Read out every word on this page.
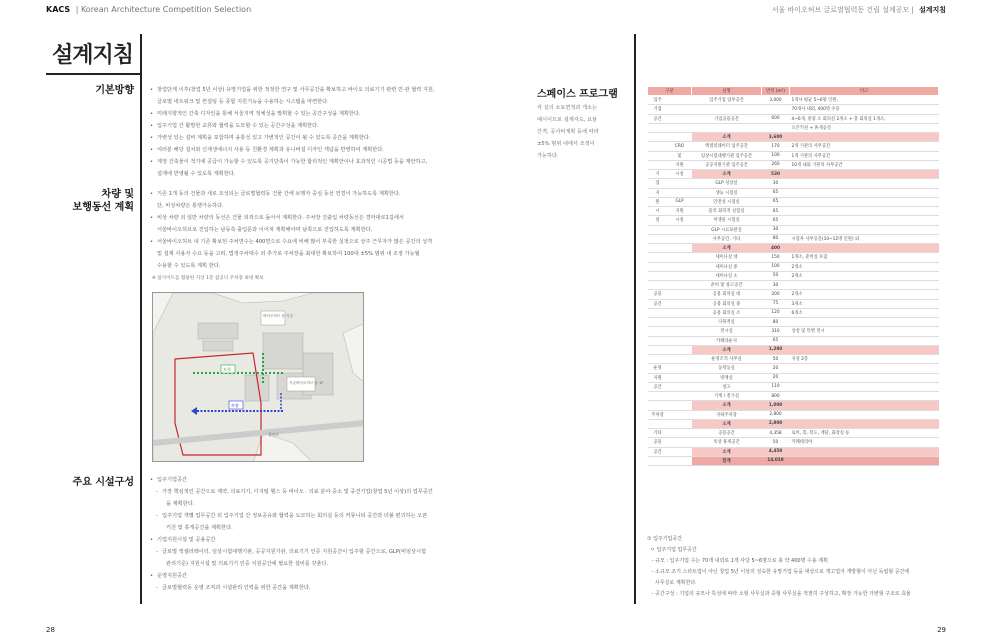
KACS | Korean Architecture Competition Selection	서울 바이오허브 글로벌협력동 건립 설계공모 | 설계지침
설계지침
기본방향	• 창업단계 이후(창업 5년 이상) 유망기업을 위한 적정한 연구 및 사무공간을 확보하고 바이오 의료기기 관련 민·관 협력 지원,
글로벌 네트워크 및 컨설팅 등 종합 지원기능을 수용하는 시스템을 마련한다.
• 미래지향적인 간축 디자인을 통해 서울지역 정체성을 발휘할 수 있는 공간구성을 계획한다.
• 입주기업 간 활발한 교류와 협력을 도모할 수 있는 공간구성을 계획한다.
• 가변성 있는 설비 계획을 포함하며 융통성 있고 가변적인 공간이 될 수 있도록 공간을 계획한다.
• 여러분 해당 설치와 신재생에너지 사용 등 친환경 계획과 유니버설 디자인 개념을 반영하여 계획한다.
• 계정 건축물이 적기에 공급이 가능할 수 있도록 공기단축이 가능한 합리적인 계획안이나 효과적인 시공법 등을 제안하고,
설계에 반영될 수 있도록 계획한다.
차량 및
보행동선 계획
• 기존 1개 동의 건물과 새로 조성되는 글로벌협력동 건물 간에 보행자 중심 동선 연결이 가능하도록 계획한다.
단, 비상차량은 통행가능하다.
• 비상 차량 외 일반 차량의 동선은 건물 외곽으로 돌아서 계획한다. 주차장 진출입 차량동선은 경마대로1길에서
서울바이오허브로 진입하는 남동측 출입문과 이어져 계획해야며 남쪽으로 진입하도록 계획한다.
• 서울바이오허브 내 기존 확보된 주차면수는 400면으로 수요에 비해 많이 부족한 실정으로 상주 근무자가 많은 공간의 성격
및 설계 사용자 수요 등을 고려, 법정주차대수 외 추가로 주차장을 최대한 확보하여 100대 ±5% 범위 내 조정 가능월
수용할 수 있도록 계획 한다.
※ 참사이트를 활용한 지상 1층 참공디 주차장 최대 확보
바이오허브 동 기존
기존바이오허브 동 1F
보행
차량
경마로
주요 시설구성	• 입주기업공간
- 가장 핵심적인 공간으로 제약, 의료기기, 디지털 헬스 등 바이오 · 의료 분야 중소 및 중견기업(창업 5년 이상)의 업무공간
을 계획한다.
- 입주기업 개별 업무공간 외 입주기업 간 정보공유와 협력을 도모하는 회의실 등의 커뮤니티 공간과 더불 편의하는 오픈
키친 및 휴게공간을 계획한다.
• 기업지원시설 및 공용공간
- 글로벌 액셀러레이터, 임상시험대행기관, 공공지원기관, 의료기기 인증 지원공간이 입주할 공간으로, GLP(비임상시험
관리기준) 지원시설 및 의료기기 인증 지원공간에 필요한 설비를 갖춘다.
• 운영지원공간
- 글로벌협력동 운영 조직과 시설관리 인력을 위한 공간을 계획한다.
스페이스 프로그램
각 실의 소요면적과 개소는
예시이므로 설계자도, 요율
간격, 공사비계획 등에 따라
±5% 범위 내에서 조정이
가능하다.
구분		실명	면적 (m²)	비고
입주		입주기업 업무공간	3,000	1개사 평균 5~6명 인원,
기업				70개사 내외, 400명 수용
공간		기업공용공간	600	4~6개, 중형 소 회의실 2개소 + 총 회의실 1개소,
				오픈키친 + 휴게공간
		소계	3,600	
	CRO	액셀러레이터 입주공간	170	2개 기관의 사무공간
	및	임상시험대행기관 입주공간	100	1개 기관의 사무공간
	지원	공공지원기관 입주공간	260	10개 내외 기관의 사무공간
기	시설	소계	530	
업		GLP 성장실	30	
지		생능 시험실	65	
원	GLP	안전성 시험실	65	
시	지원	물리 화학적 실험실	65	
설	시설	미생물 시험실	65	
		GLP 시료보관실	30	
		사무공간, 기타	80	시험자 사무공간(10~12명 인원) 외
		소계	400	
		세미나실 대	150	1개소, 준비실 포함
		세미나실 중	100	2개소
		세미나실 소	50	2개소
		준비 및 창고공간	30	
공용		공용 회의실 대	200	2개소
공간		공용 회의실 중	75	3개소
		공용 회의실 소	120	6개소
		다목적실	80	
		전시실	310	상설 및 특별 전시
		카페라운지	65	
		소계	1,280	
		운영조직 사무실	50	지상 2층
운영		동력동실	20	
지원		방재실	20	
공간		창고	110	
		기계 / 전기실	800	
		소계	1,000	
주차장		지하주차장	2,800	
		소계	2,800	
기타		공용공간	4,358	로비, 홀, 복도, 계단, 화장실 등
공용		옥상 휴게공간	50	카페테리아
공간		소계	4,458	
		합계	14,018	
① 입주기업공간
ㅇ 입주기업 업무공간
- 규모 : 입주기업 수는 70개 내외로 1개 사당 5~6명으로 총 약 400명 수용 계획
- 소규모 조기 스타트업이 아닌 창업 5년 이상의 성숙한 유망기업 등을 대상으로 개고업자 개방형이 아닌 독립형 공간에
사무실로 계획한다.
- 공간구성 : 기업의 규모나 특성에 따라 소형 사무실과 중형 사무실을 적절히 구성하고, 확장 가능한 가변형 구조로 효율
28	29
